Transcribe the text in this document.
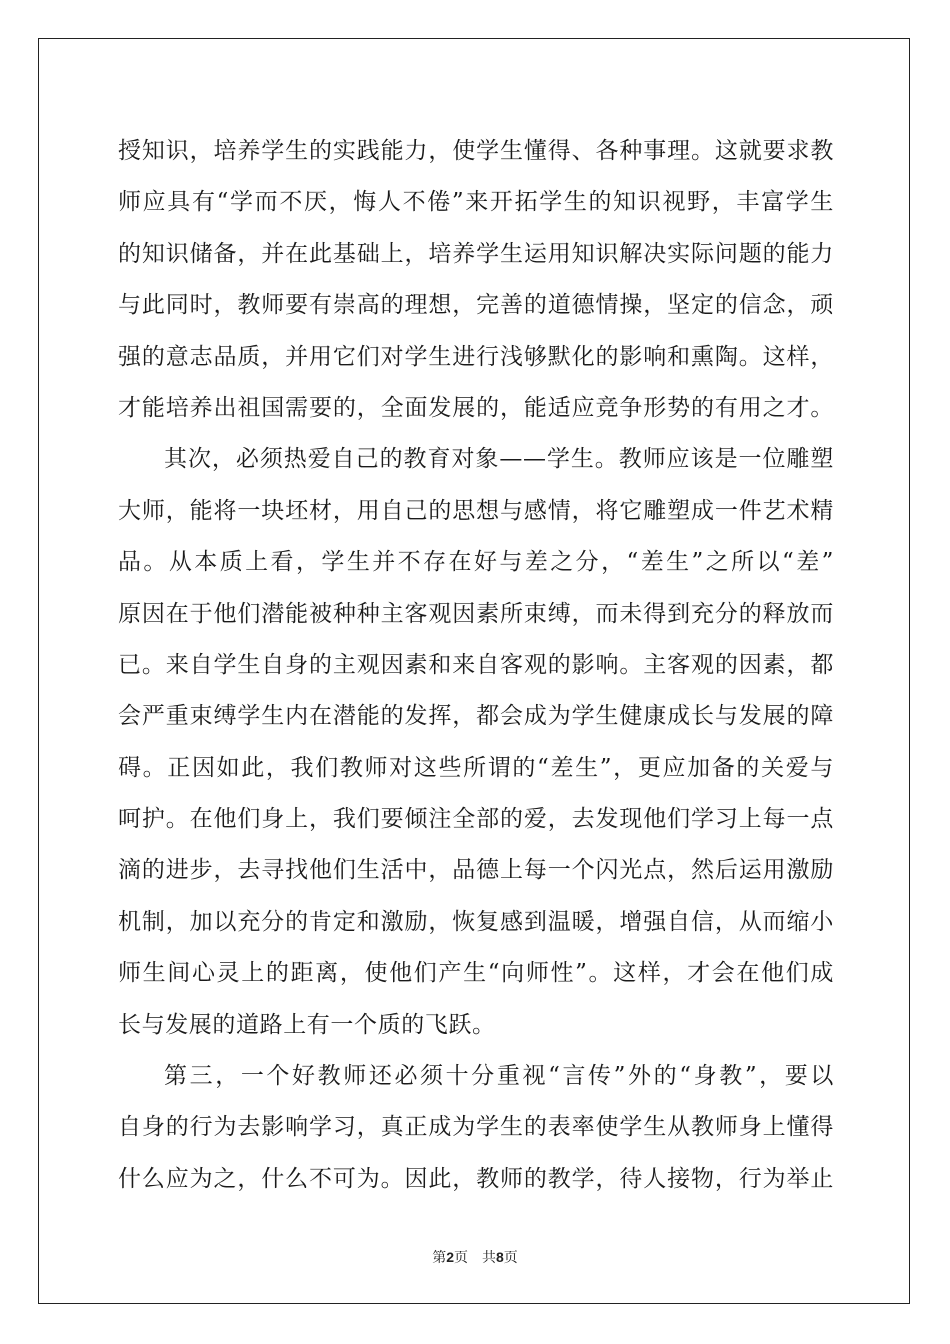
授知识，培养学生的实践能力，使学生懂得、各种事理。这就要求教
师应具有“学而不厌，悔人不倦”来开拓学生的知识视野，丰富学生
的知识储备，并在此基础上，培养学生运用知识解决实际问题的能力
与此同时，教师要有崇高的理想，完善的道德情操，坚定的信念，顽
强的意志品质，并用它们对学生进行浅够默化的影响和熏陶。这样，
才能培养出祖国需要的，全面发展的，能适应竞争形势的有用之才。
其次，必须热爱自己的教育对象——学生。教师应该是一位雕塑
大师，能将一块坯材，用自己的思想与感情，将它雕塑成一件艺术精
品。从本质上看，学生并不存在好与差之分，“差生”之所以“差”
原因在于他们潜能被种种主客观因素所束缚，而未得到充分的释放而
已。来自学生自身的主观因素和来自客观的影响。主客观的因素，都
会严重束缚学生内在潜能的发挥，都会成为学生健康成长与发展的障
碍。正因如此，我们教师对这些所谓的“差生”，更应加备的关爱与
呵护。在他们身上，我们要倾注全部的爱，去发现他们学习上每一点
滴的进步，去寻找他们生活中，品德上每一个闪光点，然后运用激励
机制，加以充分的肯定和激励，恢复感到温暖，增强自信，从而缩小
师生间心灵上的距离，使他们产生“向师性”。这样，才会在他们成
长与发展的道路上有一个质的飞跃。
第三，一个好教师还必须十分重视“言传”外的“身教”，要以
自身的行为去影响学习，真正成为学生的表率使学生从教师身上懂得
什么应为之，什么不可为。因此，教师的教学，待人接物，行为举止
第2页 共8页
